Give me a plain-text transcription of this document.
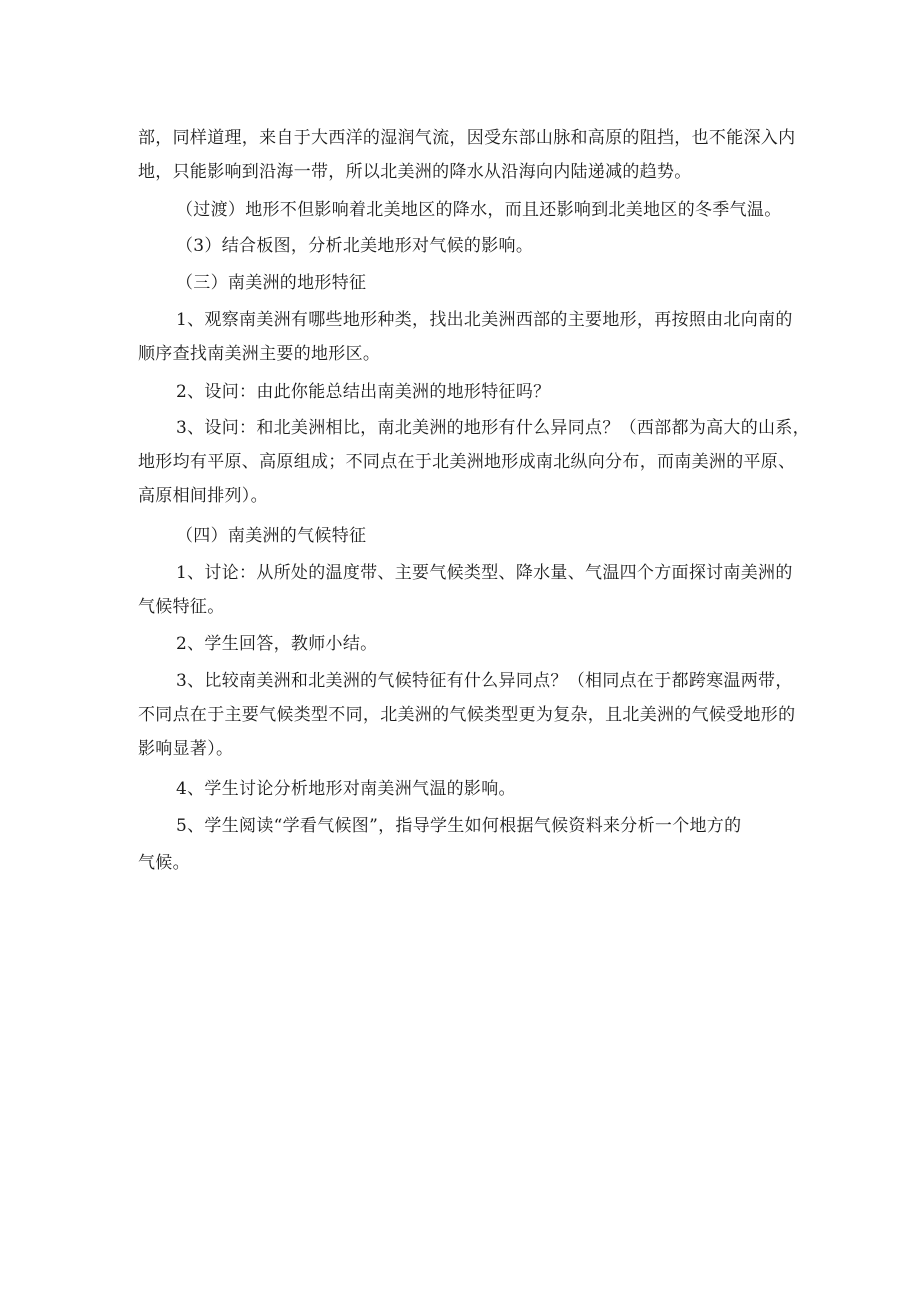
部，同样道理，来自于大西洋的湿润气流，因受东部山脉和高原的阻挡，也不能深入内
地，只能影响到沿海一带，所以北美洲的降水从沿海向内陆递减的趋势。

（过渡）地形不但影响着北美地区的降水，而且还影响到北美地区的冬季气温。

（3）结合板图，分析北美地形对气候的影响。

（三）南美洲的地形特征

1、观察南美洲有哪些地形种类，找出北美洲西部的主要地形，再按照由北向南的
顺序查找南美洲主要的地形区。

2、设问：由此你能总结出南美洲的地形特征吗？

3、设问：和北美洲相比，南北美洲的地形有什么异同点？（西部都为高大的山系，
地形均有平原、高原组成；不同点在于北美洲地形成南北纵向分布，而南美洲的平原、
高原相间排列）。

（四）南美洲的气候特征

1、讨论：从所处的温度带、主要气候类型、降水量、气温四个方面探讨南美洲的
气候特征。

2、学生回答，教师小结。

3、比较南美洲和北美洲的气候特征有什么异同点？（相同点在于都跨寒温两带，
不同点在于主要气候类型不同，北美洲的气候类型更为复杂，且北美洲的气候受地形的
影响显著）。

4、学生讨论分析地形对南美洲气温的影响。

5、学生阅读“学看气候图”，指导学生如何根据气候资料来分析一个地方的

气候。
